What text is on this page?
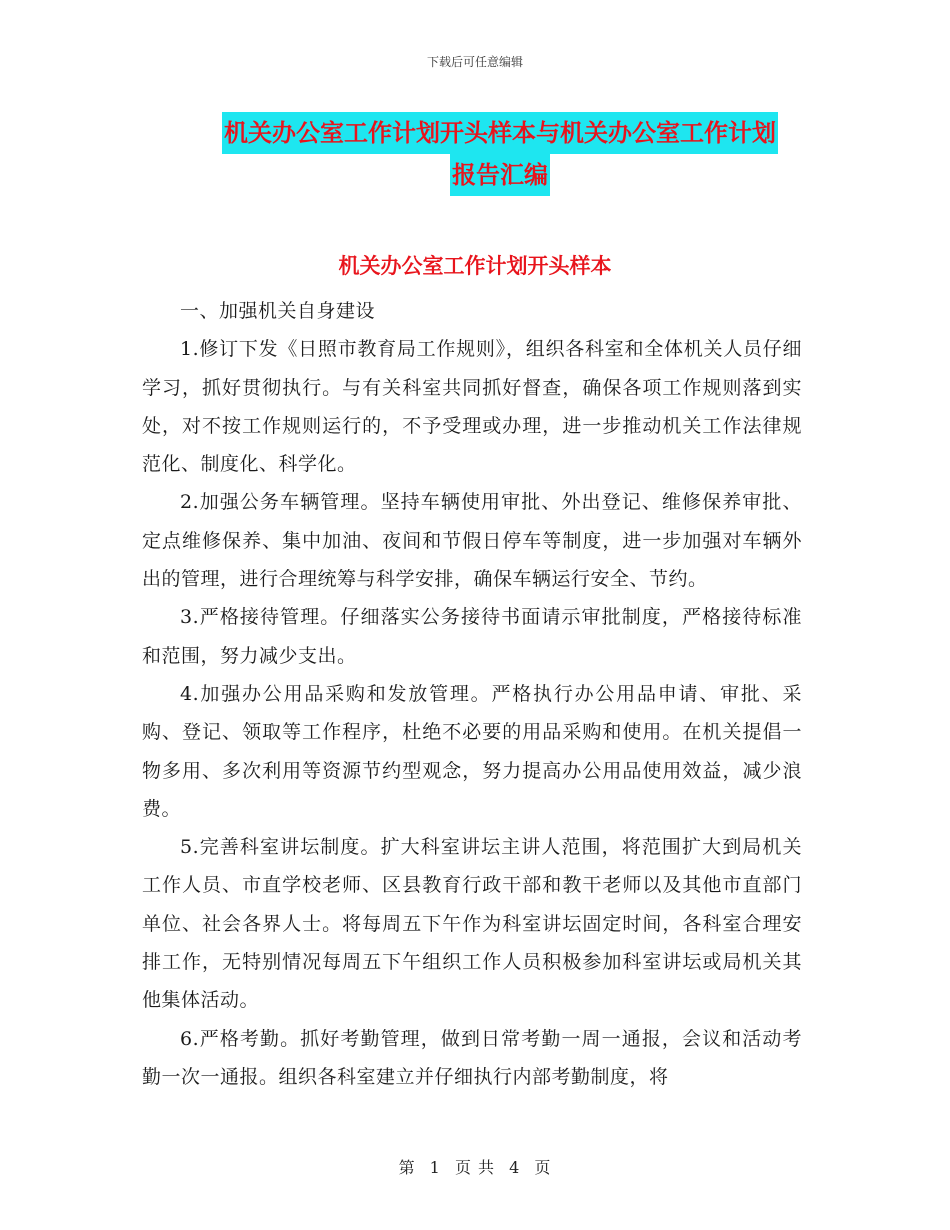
下载后可任意编辑
机关办公室工作计划开头样本与机关办公室工作计划
报告汇编
机关办公室工作计划开头样本

一、加强机关自身建设

1.修订下发《日照市教育局工作规则》，组织各科室和全体机关人员仔细学习，抓好贯彻执行。与有关科室共同抓好督查，确保各项工作规则落到实处，对不按工作规则运行的，不予受理或办理，进一步推动机关工作法律规范化、制度化、科学化。

2.加强公务车辆管理。坚持车辆使用审批、外出登记、维修保养审批、定点维修保养、集中加油、夜间和节假日停车等制度，进一步加强对车辆外出的管理，进行合理统筹与科学安排，确保车辆运行安全、节约。

3.严格接待管理。仔细落实公务接待书面请示审批制度，严格接待标准和范围，努力减少支出。

4.加强办公用品采购和发放管理。严格执行办公用品申请、审批、采购、登记、领取等工作程序，杜绝不必要的用品采购和使用。在机关提倡一物多用、多次利用等资源节约型观念，努力提高办公用品使用效益，减少浪费。

5.完善科室讲坛制度。扩大科室讲坛主讲人范围，将范围扩大到局机关工作人员、市直学校老师、区县教育行政干部和教干老师以及其他市直部门单位、社会各界人士。将每周五下午作为科室讲坛固定时间，各科室合理安排工作，无特别情况每周五下午组织工作人员积极参加科室讲坛或局机关其他集体活动。

6.严格考勤。抓好考勤管理，做到日常考勤一周一通报，会议和活动考勤一次一通报。组织各科室建立并仔细执行内部考勤制度，将

第 1 页 共 4 页
